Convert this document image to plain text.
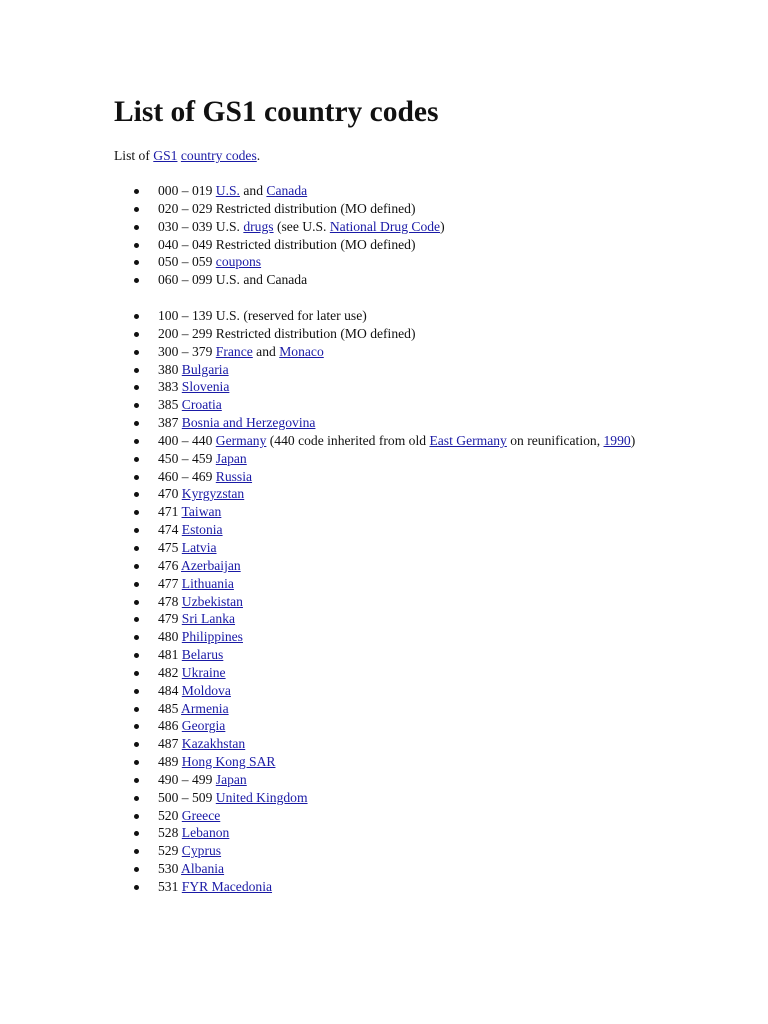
List of GS1 country codes

List of GS1 country codes.

000 – 019 U.S. and Canada
020 – 029 Restricted distribution (MO defined)
030 – 039 U.S. drugs (see U.S. National Drug Code)
040 – 049 Restricted distribution (MO defined)
050 – 059 coupons
060 – 099 U.S. and Canada
100 – 139 U.S. (reserved for later use)
200 – 299 Restricted distribution (MO defined)
300 – 379 France and Monaco
380 Bulgaria
383 Slovenia
385 Croatia
387 Bosnia and Herzegovina
400 – 440 Germany (440 code inherited from old East Germany on reunification, 1990)
450 – 459 Japan
460 – 469 Russia
470 Kyrgyzstan
471 Taiwan
474 Estonia
475 Latvia
476 Azerbaijan
477 Lithuania
478 Uzbekistan
479 Sri Lanka
480 Philippines
481 Belarus
482 Ukraine
484 Moldova
485 Armenia
486 Georgia
487 Kazakhstan
489 Hong Kong SAR
490 – 499 Japan
500 – 509 United Kingdom
520 Greece
528 Lebanon
529 Cyprus
530 Albania
531 FYR Macedonia
